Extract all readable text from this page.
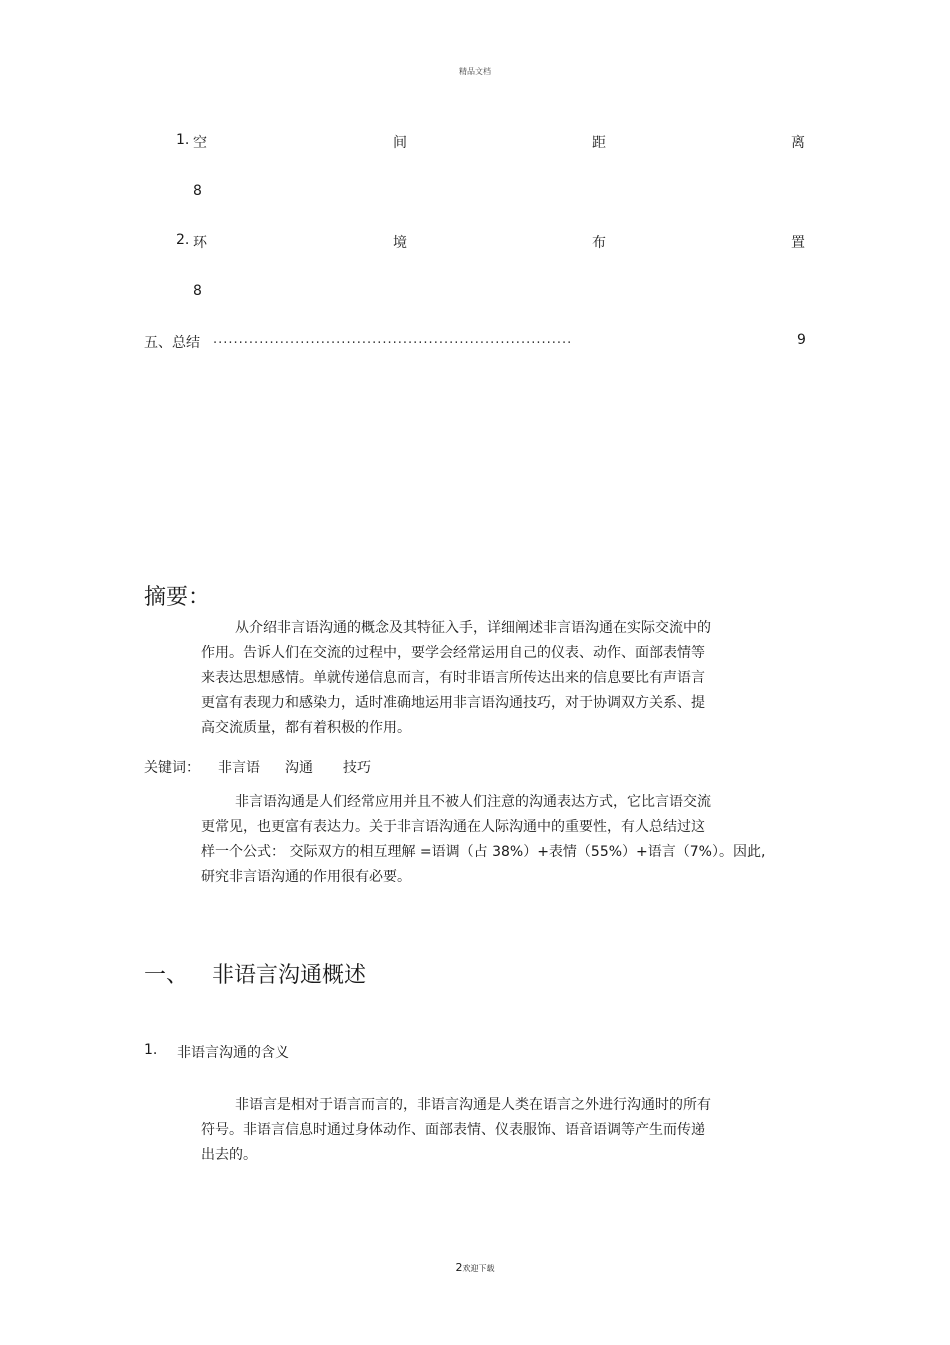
精品文档
1. 空	间	距	离
8
2. 环	境	布	置
8
五、总结 ......................................................................	9
摘要：

从介绍非言语沟通的概念及其特征入手，详细阐述非言语沟通在实际交流中的

作用。告诉人们在交流的过程中，要学会经常运用自己的仪表、动作、面部表情等

来表达思想感情。单就传递信息而言，有时非语言所传达出来的信息要比有声语言

更富有表现力和感染力，适时准确地运用非言语沟通技巧，对于协调双方关系、提

高交流质量，都有着积极的作用。

关键词： 非言语 沟通 技巧

非言语沟通是人们经常应用并且不被人们注意的沟通表达方式，它比言语交流

更常见，也更富有表达力。关于非言语沟通在人际沟通中的重要性，有人总结过这

样一个公式： 交际双方的相互理解 =语调（占 38%）+表情（55%）+语言（7%）。因此,

研究非言语沟通的作用很有必要。

一、 非语言沟通概述
1. 非语言沟通的含义

非语言是相对于语言而言的，非语言沟通是人类在语言之外进行沟通时的所有

符号。非语言信息时通过身体动作、面部表情、仪表服饰、语音语调等产生而传递

出去的。

2欢迎下载
